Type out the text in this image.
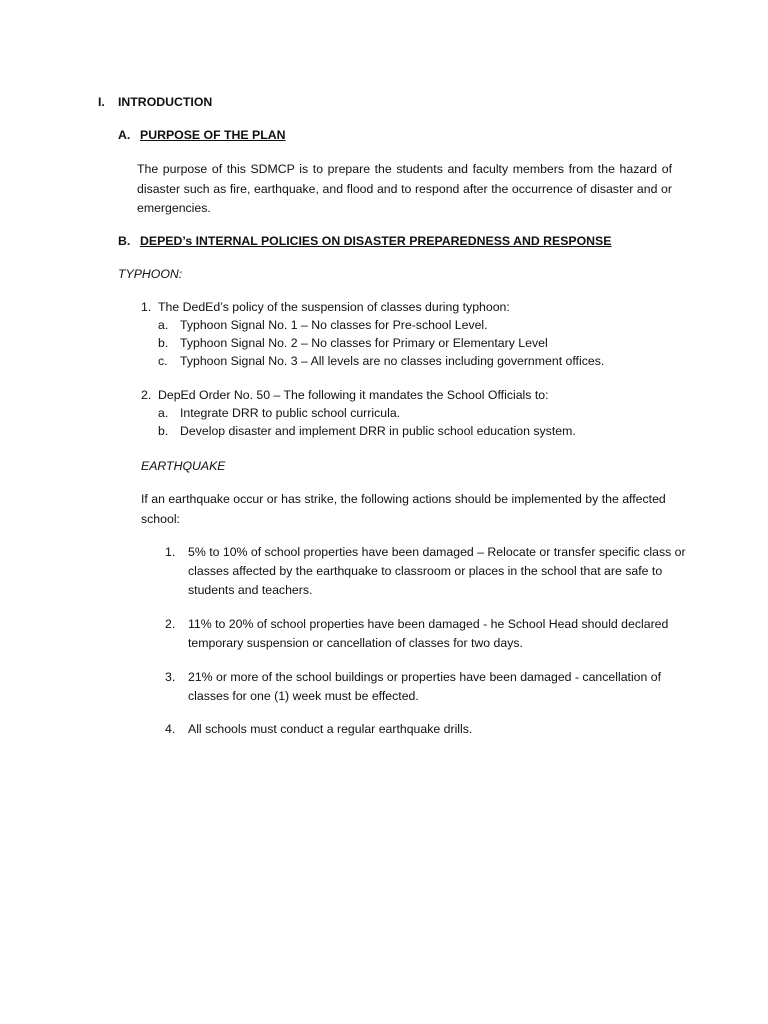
I. INTRODUCTION
A. PURPOSE OF THE PLAN
The purpose of this SDMCP is to prepare the students and faculty members from the hazard of
disaster such as fire, earthquake, and flood and to respond after the occurrence of disaster and or
emergencies.
B. DEPED’s INTERNAL POLICIES ON DISASTER PREPAREDNESS AND RESPONSE
TYPHOON:
1. The DedEd’s policy of the suspension of classes during typhoon:
a. Typhoon Signal No. 1 – No classes for Pre-school Level.
b. Typhoon Signal No. 2 – No classes for Primary or Elementary Level
c. Typhoon Signal No. 3 – All levels are no classes including government offices.
2. DepEd Order No. 50 – The following it mandates the School Officials to:
a. Integrate DRR to public school curricula.
b. Develop disaster and implement DRR in public school education system.
EARTHQUAKE
If an earthquake occur or has strike, the following actions should be implemented by the affected
school:
1. 5% to 10% of school properties have been damaged – Relocate or transfer specific class or
classes affected by the earthquake to classroom or places in the school that are safe to
students and teachers.
2. 11% to 20% of school properties have been damaged - he School Head should declared
temporary suspension or cancellation of classes for two days.
3. 21% or more of the school buildings or properties have been damaged - cancellation of
classes for one (1) week must be effected.
4. All schools must conduct a regular earthquake drills.
